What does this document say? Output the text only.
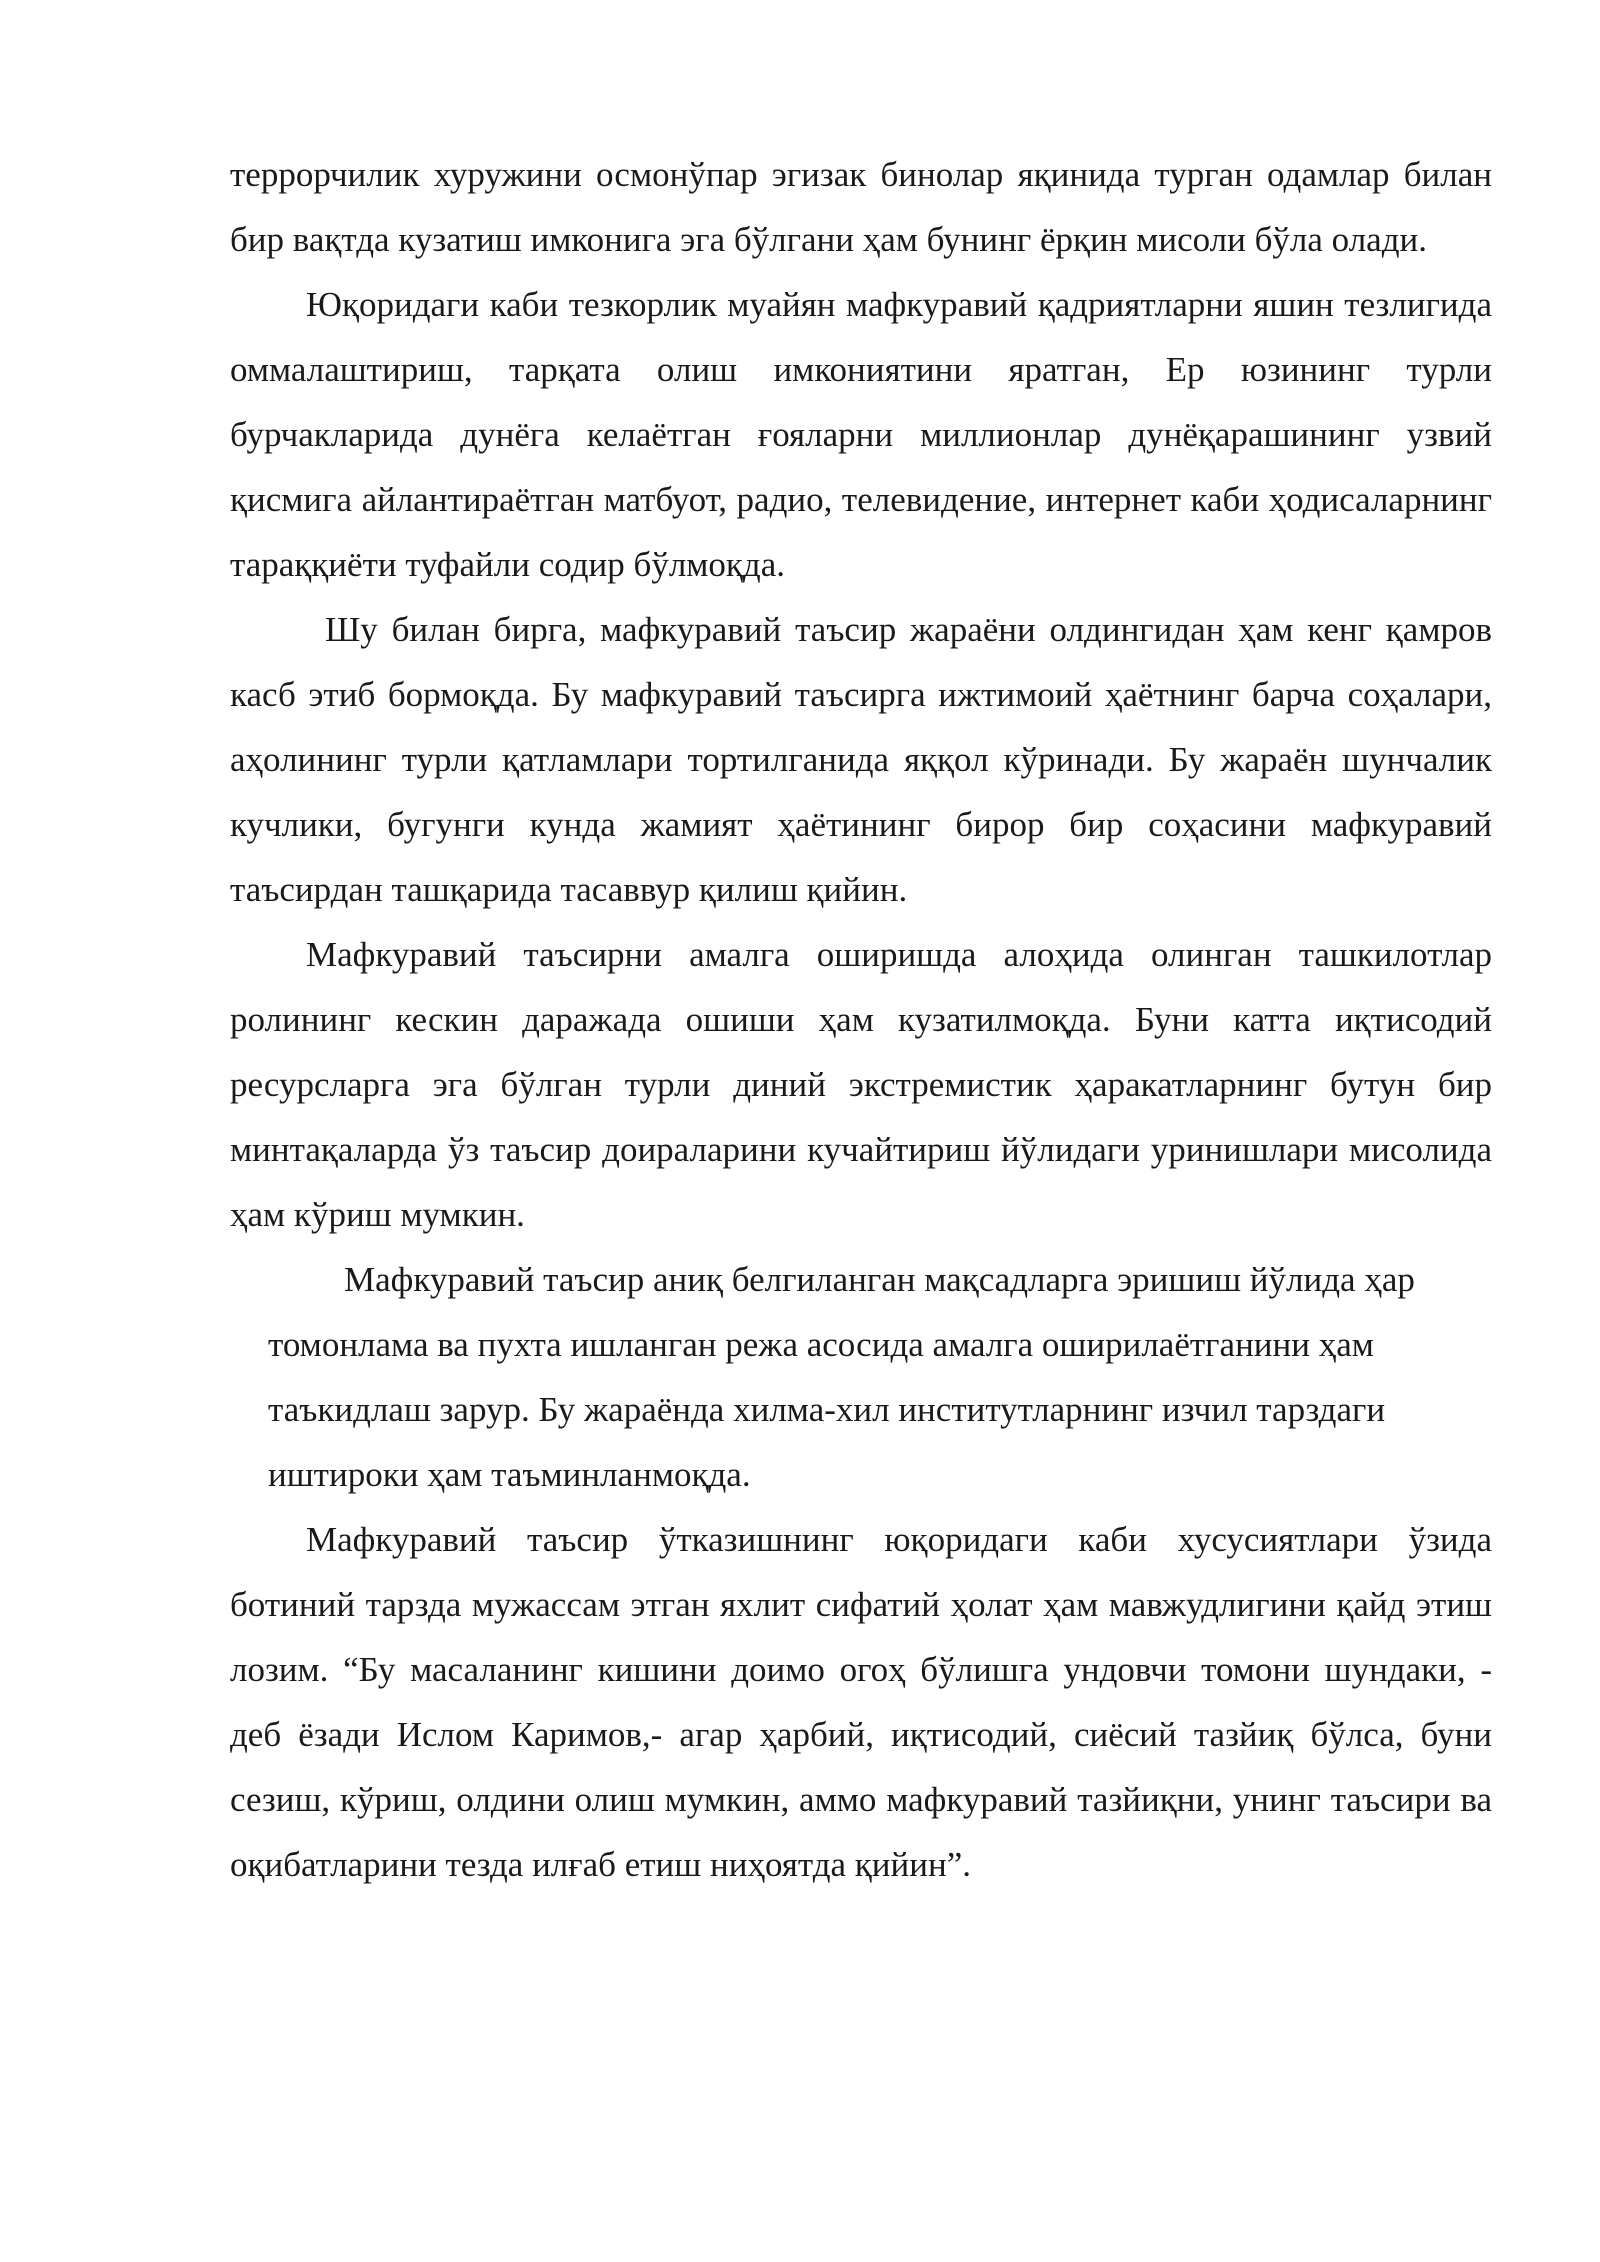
террорчилик хуружини осмонўпар эгизак бинолар яқинида турган одамлар билан бир вақтда кузатиш имконига эга бўлгани ҳам бунинг ёрқин мисоли бўла олади.

Юқоридаги каби тезкорлик муайян мафкуравий қадриятларни яшин тезлигида оммалаштириш, тарқата олиш имкониятини яратган, Ер юзининг турли бурчакларида дунёга келаётган ғояларни миллионлар дунёқарашининг узвий қисмига айлантираётган матбуот, радио, телевидение, интернет каби ҳодисаларнинг тараққиёти туфайли содир бўлмоқда.

Шу билан бирга, мафкуравий таъсир жараёни олдингидан ҳам кенг қамров касб этиб бормоқда. Бу мафкуравий таъсирга ижтимоий ҳаётнинг барча соҳалари, аҳолининг турли қатламлари тортилганида яққол кўринади. Бу жараён шунчалик кучлики, бугунги кунда жамият ҳаётининг бирор бир соҳасини мафкуравий таъсирдан ташқарида тасаввур қилиш қийин.

Мафкуравий таъсирни амалга оширишда алоҳида олинган ташкилотлар ролининг кескин даражада ошиши ҳам кузатилмоқда. Буни катта иқтисодий ресурсларга эга бўлган турли диний экстремистик ҳаракатларнинг бутун бир минтақаларда ўз таъсир доираларини кучайтириш йўлидаги уринишлари мисолида ҳам кўриш мумкин.

Мафкуравий таъсир аниқ белгиланган мақсадларга эришиш йўлида ҳар томонлама ва пухта ишланган режа асосида амалга оширилаётганини ҳам таъкидлаш зарур. Бу жараёнда хилма-хил институтларнинг изчил тарздаги иштироки ҳам таъминланмоқда.

Мафкуравий таъсир ўтказишнинг юқоридаги каби хусусиятлари ўзида ботиний тарзда мужассам этган яхлит сифатий ҳолат ҳам мавжудлигини қайд этиш лозим. “Бу масаланинг кишини доимо огоҳ бўлишга ундовчи томони шундаки, - деб ёзади Ислом Каримов,- агар ҳарбий, иқтисодий, сиёсий тазйиқ бўлса, буни сезиш, кўриш, олдини олиш мумкин, аммо мафкуравий тазйиқни, унинг таъсири ва оқибатларини тезда илғаб етиш ниҳоятда қийин”.
